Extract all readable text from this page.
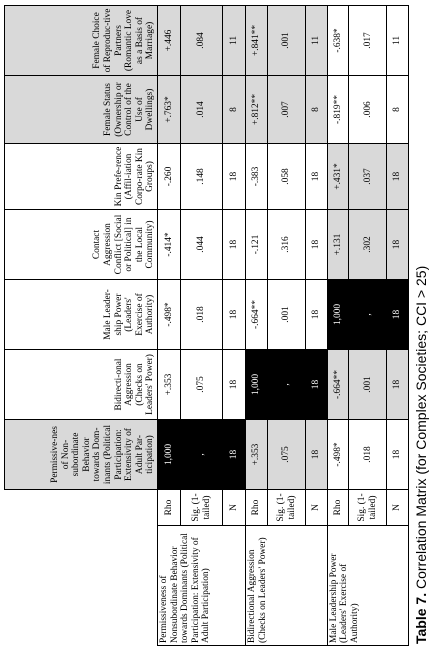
Table 7. Correlation Matrix (for Complex Societies; CCI > 25)
		Permissive-nes of Non-subordinate Behavior towards Dom-inants (Political Participation: Extensivity of Adult Par-ticipation)	Bidirecti-onal Aggression (Checks on Leaders' Power)	Male Leader-ship Power (Leaders' Exercise of Authority)	Contact Aggression Conflict [Social or Political] in the Local Community)	Kin Prefe-rence (Affil-iation Corpo-rate Kin Groups)	Female Status (Ownership or Control of the Use of Dwellings)	Female Choice of Reproduc-tive Partners (Romantic Love as a Basis of Marriage)
Permissiveness of Nonsubordinate Behavior towards Dominants (Political Participation: Extensivity of Adult Participation)	Rho	1,000	+.353	-.498*	-.414*	-.260	+.763*	+.446
	Sig. (1-tailed)	,	.075	.018	.044	.148	.014	.084
	N	18	18	18	18	18	8	11
Bidirectional Aggression (Checks on Leaders' Power)	Rho	+.353	1,000	-.664**	-.121	-.383	+.812**	+.841**
	Sig. (1-tailed)	.075	,	.001	.316	.058	.007	.001
	N	18	18	18	18	18	8	11
Male Leadership Power (Leaders' Exercise of Authority)	Rho	-.498*	-.664**	1,000	+.131	+.431*	-.819**	-.638*
	Sig. (1-tailed)	.018	.001	,	.302	.037	.006	.017
	N	18	18	18	18	18	8	11
